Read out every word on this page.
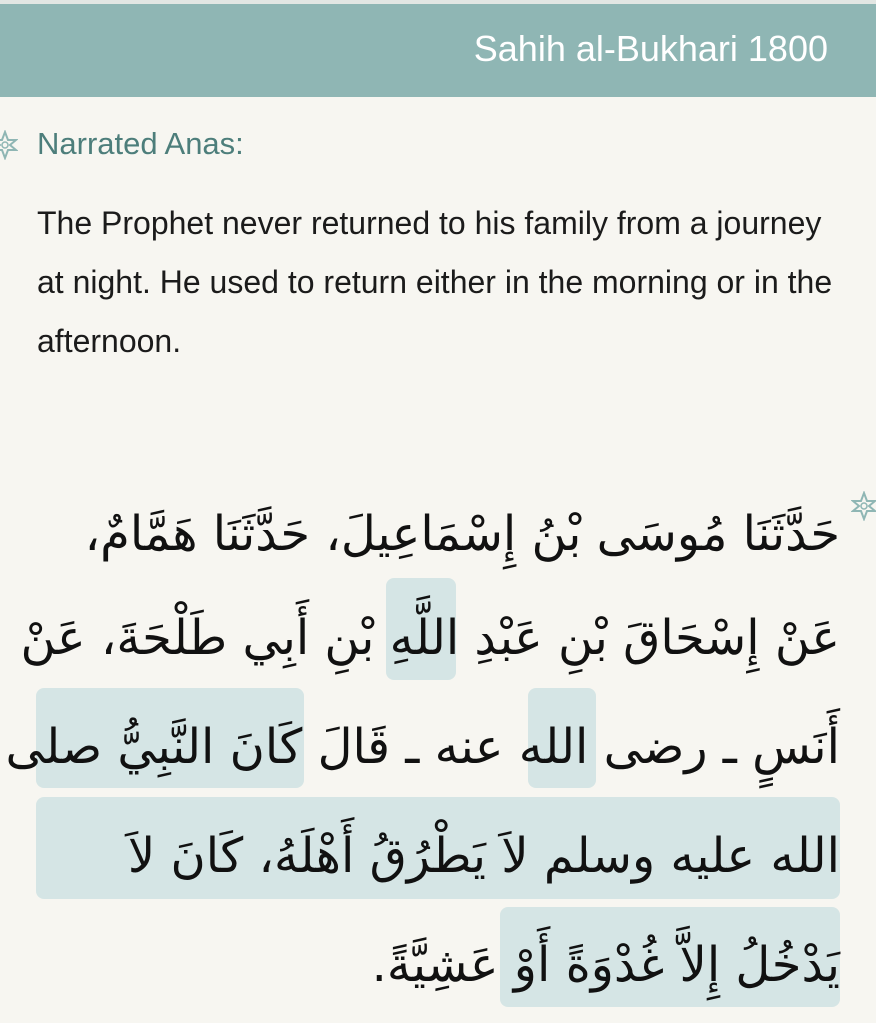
Sahih al-Bukhari 1800
Narrated Anas:

The Prophet never returned to his family from a journey at night. He used to return either in the morning or in the afternoon.

حَدَّثَنَا مُوسَى بْنُ إِسْمَاعِيلَ، حَدَّثَنَا هَمَّامٌ،
عَنْ إِسْحَاقَ بْنِ عَبْدِ اللَّهِ بْنِ أَبِي طَلْحَةَ، عَنْ
أَنَسٍ ـ رضى الله عنه ـ قَالَ كَانَ النَّبِيُّ صلى
الله عليه وسلم لاَ يَطْرُقُ أَهْلَهُ، كَانَ لاَ
يَدْخُلُ إِلاَّ غُدْوَةً أَوْ عَشِيَّةً.
